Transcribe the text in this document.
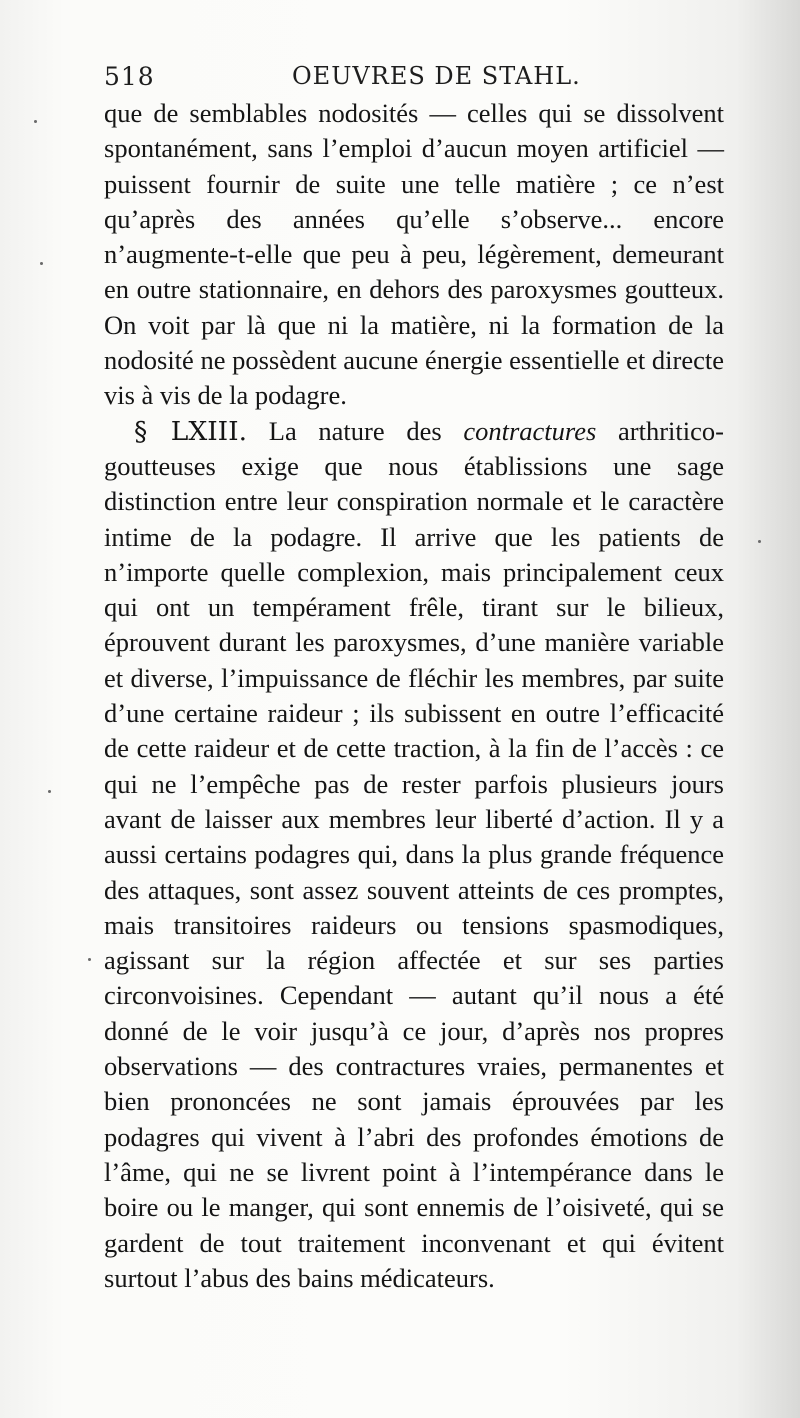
518	OEUVRES DE STAHL.

que de semblables nodosités — celles qui se dissolvent spontanément, sans l’emploi d’aucun moyen artificiel — puissent fournir de suite une telle matière ; ce n’est qu’après des années qu’elle s’observe... encore n’augmente-t-elle que peu à peu, légèrement, demeurant en outre stationnaire, en dehors des paroxysmes goutteux. On voit par là que ni la matière, ni la formation de la nodosité ne possèdent aucune énergie essentielle et directe vis à vis de la podagre.

§ LXIII. La nature des contractures arthritico-goutteuses exige que nous établissions une sage distinction entre leur conspiration normale et le caractère intime de la podagre. Il arrive que les patients de n’importe quelle complexion, mais principalement ceux qui ont un tempérament frêle, tirant sur le bilieux, éprouvent durant les paroxysmes, d’une manière variable et diverse, l’impuissance de fléchir les membres, par suite d’une certaine raideur ; ils subissent en outre l’efficacité de cette raideur et de cette traction, à la fin de l’accès : ce qui ne l’empêche pas de rester parfois plusieurs jours avant de laisser aux membres leur liberté d’action. Il y a aussi certains podagres qui, dans la plus grande fréquence des attaques, sont assez souvent atteints de ces promptes, mais transitoires raideurs ou tensions spasmodiques, agissant sur la région affectée et sur ses parties circonvoisines. Cependant — autant qu’il nous a été donné de le voir jusqu’à ce jour, d’après nos propres observations — des contractures vraies, permanentes et bien prononcées ne sont jamais éprouvées par les podagres qui vivent à l’abri des profondes émotions de l’âme, qui ne se livrent point à l’intempérance dans le boire ou le manger, qui sont ennemis de l’oisiveté, qui se gardent de tout traitement inconvenant et qui évitent surtout l’abus des bains médicateurs.
